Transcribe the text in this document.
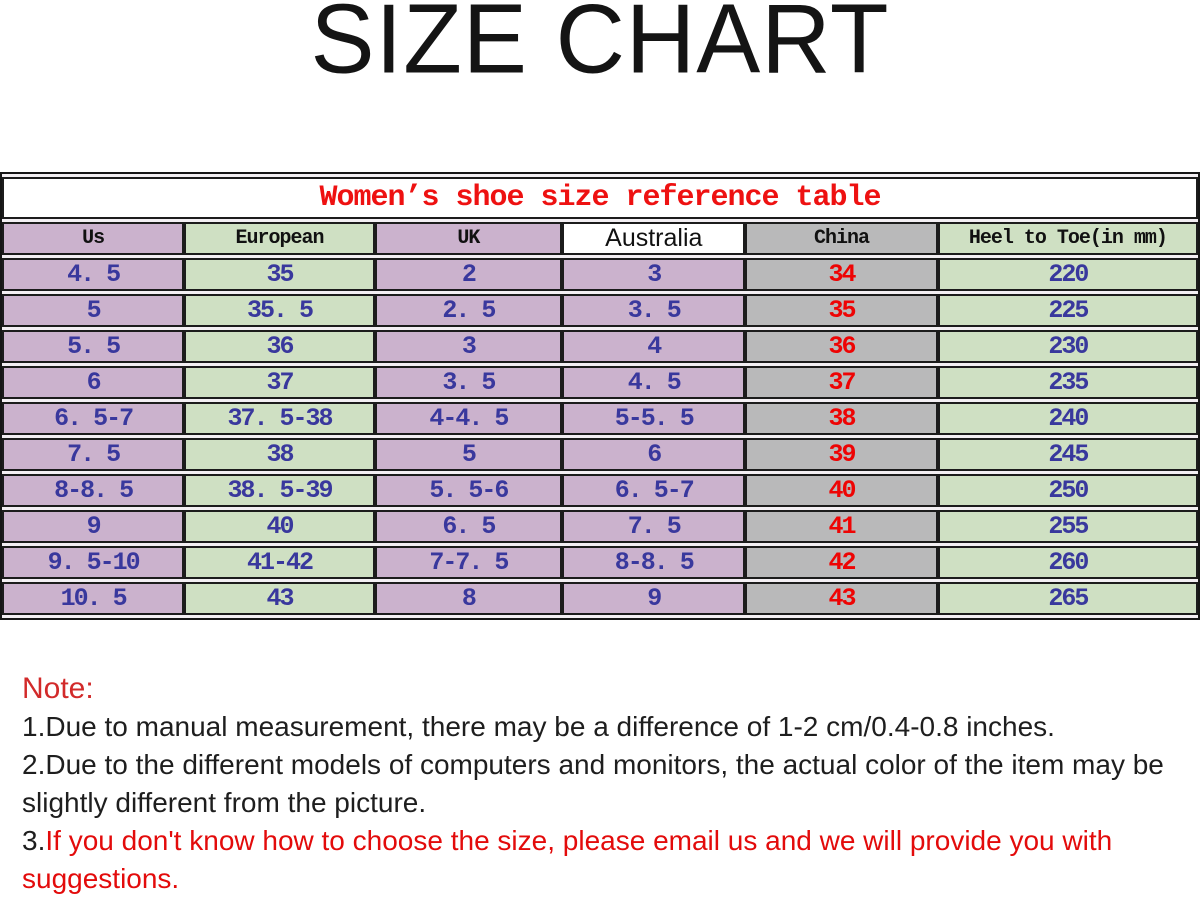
SIZE CHART
Women’s shoe size reference table					
Us	European	UK	Australia	China	Heel to Toe(in mm)
4. 5	35	2	3	34	220
5	35. 5	2. 5	3. 5	35	225
5. 5	36	3	4	36	230
6	37	3. 5	4. 5	37	235
6. 5-7	37. 5-38	4-4. 5	5-5. 5	38	240
7. 5	38	5	6	39	245
8-8. 5	38. 5-39	5. 5-6	6. 5-7	40	250
9	40	6. 5	7. 5	41	255
9. 5-10	41-42	7-7. 5	8-8. 5	42	260
10. 5	43	8	9	43	265
Note:
1.Due to manual measurement, there may be a difference of 1-2 cm/0.4-0.8 inches.
2.Due to the different models of computers and monitors, the actual color of the item may be slightly different from the picture.
3.If you don't know how to choose the size, please email us and we will provide you with suggestions.
